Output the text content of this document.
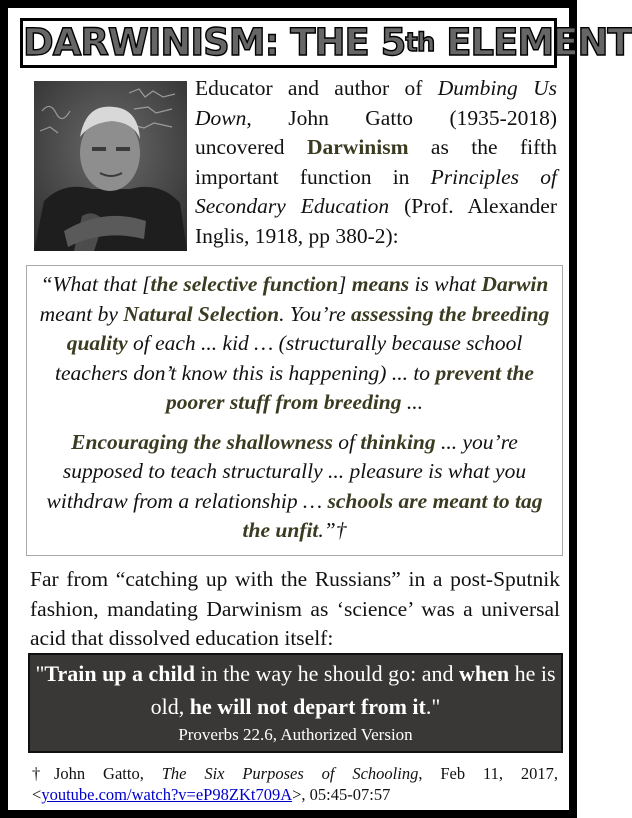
DARWINISM: THE 5th ELEMENT

Educator and author of Dumbing Us Down, John Gatto (1935-2018) uncovered Darwinism as the fifth important function in Principles of Secondary Education (Prof. Alexander Inglis, 1918, pp 380-2):

“What that [the selective function] means is what Darwin meant by Natural Selection. You’re assessing the breeding quality of each ... kid … (structurally because school teachers don’t know this is happening) ... to prevent the poorer stuff from breeding ...

Encouraging the shallowness of thinking ... you’re supposed to teach structurally ... pleasure is what you withdraw from a relationship … schools are meant to tag the unfit.”†

Far from “catching up with the Russians” in a post-Sputnik fashion, mandating Darwinism as ‘science’ was a universal acid that dissolved education itself:

"Train up a child in the way he should go: and when he is old, he will not depart from it."
Proverbs 22.6, Authorized Version

†John Gatto, The Six Purposes of Schooling, Feb 11, 2017, <youtube.com/watch?v=eP98ZKt709A>, 05:45-07:57
